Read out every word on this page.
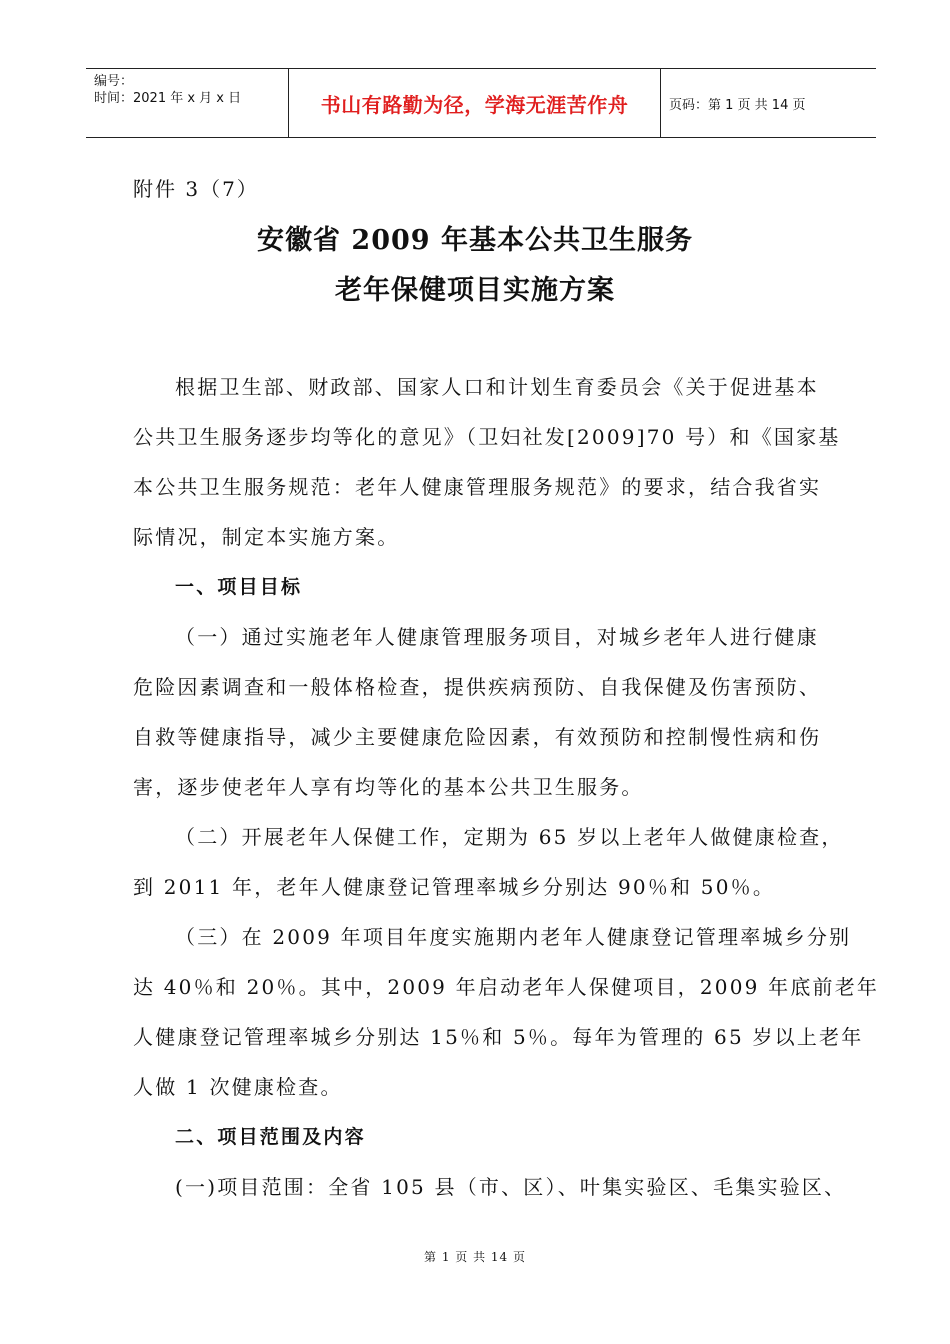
编号：
时间：2021 年 x 月 x 日	书山有路勤为径，学海无涯苦作舟	页码：第 1 页 共 14 页
附件 3（7）
安徽省 2009 年基本公共卫生服务
老年保健项目实施方案
根据卫生部、财政部、国家人口和计划生育委员会《关于促进基本
公共卫生服务逐步均等化的意见》（卫妇社发[2009]70 号）和《国家基
本公共卫生服务规范：老年人健康管理服务规范》的要求，结合我省实
际情况，制定本实施方案。
一、项目目标
（一）通过实施老年人健康管理服务项目，对城乡老年人进行健康
危险因素调查和一般体格检查，提供疾病预防、自我保健及伤害预防、
自救等健康指导，减少主要健康危险因素，有效预防和控制慢性病和伤
害，逐步使老年人享有均等化的基本公共卫生服务。
（二）开展老年人保健工作，定期为 65 岁以上老年人做健康检查，
到 2011 年，老年人健康登记管理率城乡分别达 90％和 50％。
（三）在 2009 年项目年度实施期内老年人健康登记管理率城乡分别
达 40％和 20％。其中，2009 年启动老年人保健项目，2009 年底前老年
人健康登记管理率城乡分别达 15％和 5％。每年为管理的 65 岁以上老年
人做 1 次健康检查。
二、项目范围及内容
(一)项目范围：全省 105 县（市、区）、叶集实验区、毛集实验区、
第 1 页 共 14 页
